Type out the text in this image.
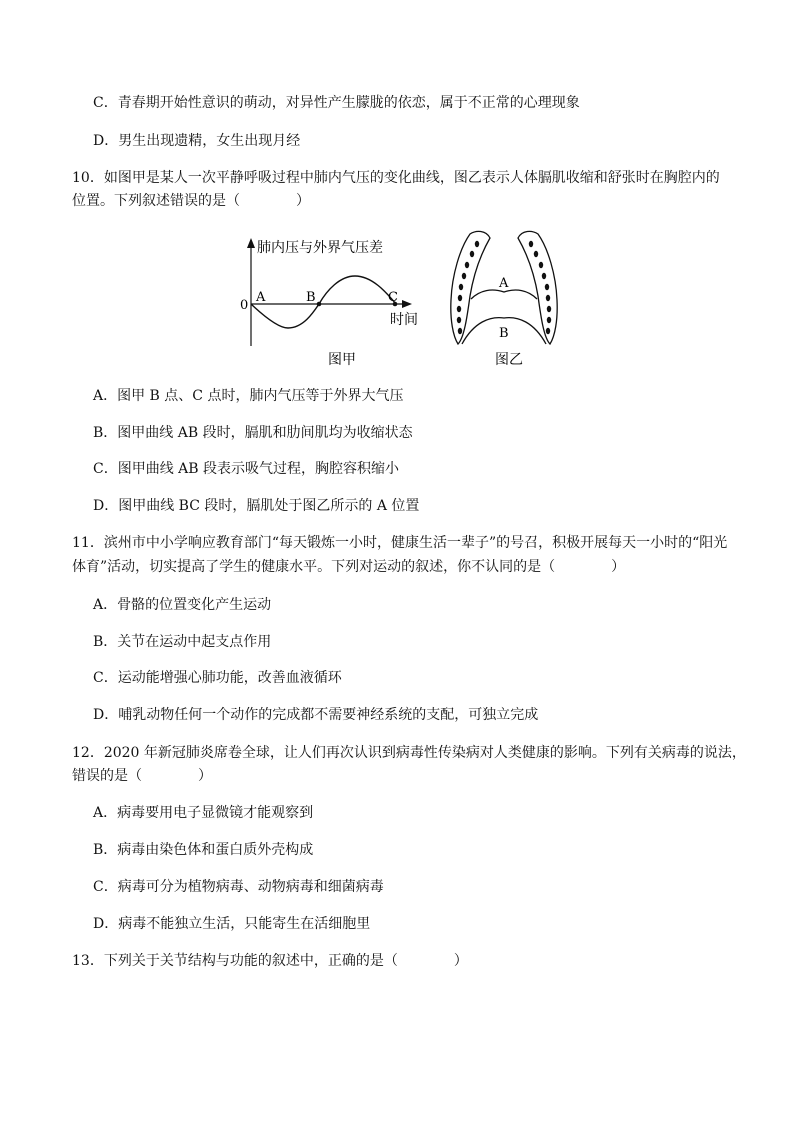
C．青春期开始性意识的萌动，对异性产生朦胧的依恋，属于不正常的心理现象
D．男生出现遗精，女生出现月经
10．如图甲是某人一次平静呼吸过程中肺内气压的变化曲线，图乙表示人体膈肌收缩和舒张时在胸腔内的
位置。下列叙述错误的是（　　　　）
肺内压与外界气压差
0
A	B	C
时间
图甲
A
B
图乙
A．图甲 B 点、C 点时，肺内气压等于外界大气压
B．图甲曲线 AB 段时，膈肌和肋间肌均为收缩状态
C．图甲曲线 AB 段表示吸气过程，胸腔容积缩小
D．图甲曲线 BC 段时，膈肌处于图乙所示的 A 位置
11．滨州市中小学响应教育部门“每天锻炼一小时，健康生活一辈子”的号召，积极开展每天一小时的“阳光
体育”活动，切实提高了学生的健康水平。下列对运动的叙述，你不认同的是（　　　　）
A．骨骼的位置变化产生运动
B．关节在运动中起支点作用
C．运动能增强心肺功能，改善血液循环
D．哺乳动物任何一个动作的完成都不需要神经系统的支配，可独立完成
12．2020 年新冠肺炎席卷全球，让人们再次认识到病毒性传染病对人类健康的影响。下列有关病毒的说法，
错误的是（　　　　）
A．病毒要用电子显微镜才能观察到
B．病毒由染色体和蛋白质外壳构成
C．病毒可分为植物病毒、动物病毒和细菌病毒
D．病毒不能独立生活，只能寄生在活细胞里
13．下列关于关节结构与功能的叙述中，正确的是（　　　　）
